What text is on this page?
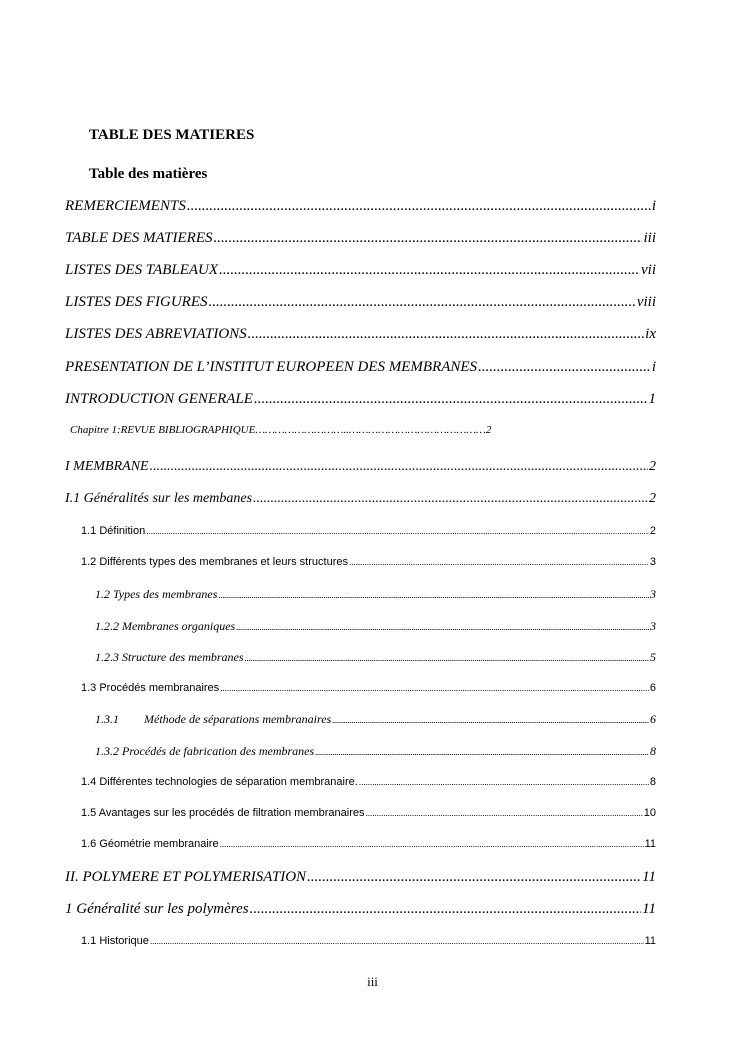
TABLE DES MATIERES
Table des matières
REMERCIEMENTS .....	i
TABLE DES MATIERES .....	iii
LISTES DES TABLEAUX .....	vii
LISTES DES FIGURES .....	viii
LISTES DES ABREVIATIONS .....	ix
PRESENTATION DE L’INSTITUT EUROPEEN DES MEMBRANES .....	i
INTRODUCTION GENERALE .....	1
Chapitre 1:REVUE BIBLIOGRAPHIQUE………………………..……………………………………2
I MEMBRANE .....	2
I.1 Généralités sur les membanes .....	2
1.1 Définition .....	2
1.2 Différents types des membranes et leurs structures .....	3
1.2 Types des membranes .....	3
1.2.2 Membranes organiques .....	3
1.2.3 Structure des membranes .....	5
1.3 Procédés membranaires .....	6
1.3.1	Méthode de séparations membranaires .....	6
1.3.2 Procédés de fabrication des membranes .....	8
1.4 Différentes technologies de séparation membranaire. .....	8
1.5 Avantages sur les procédés de filtration membranaires .....	10
1.6 Géométrie membranaire .....	11
II. POLYMERE ET POLYMERISATION .....	11
1 Généralité sur les polymères .....	11
1.1 Historique .....	11
iii
